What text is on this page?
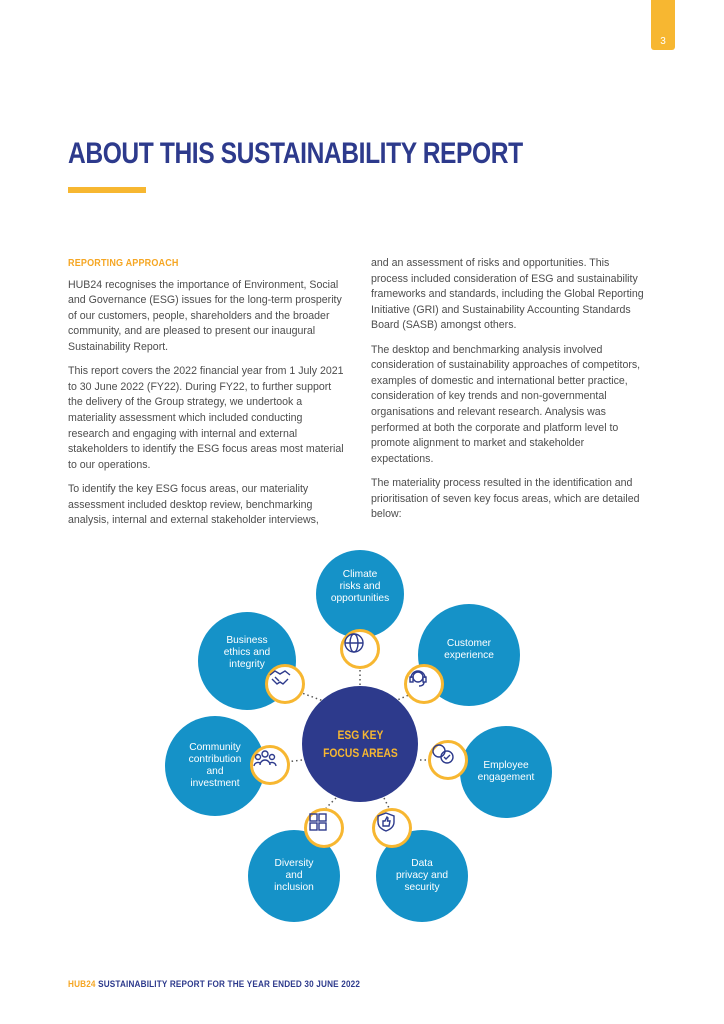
3
ABOUT THIS SUSTAINABILITY REPORT
REPORTING APPROACH

HUB24 recognises the importance of Environment, Social and Governance (ESG) issues for the long-term prosperity of our customers, people, shareholders and the broader community, and are pleased to present our inaugural Sustainability Report.

This report covers the 2022 financial year from 1 July 2021 to 30 June 2022 (FY22). During FY22, to further support the delivery of the Group strategy, we undertook a materiality assessment which included conducting research and engaging with internal and external stakeholders to identify the ESG focus areas most material to our operations.

To identify the key ESG focus areas, our materiality assessment included desktop review, benchmarking analysis, internal and external stakeholder interviews,

and an assessment of risks and opportunities. This process included consideration of ESG and sustainability frameworks and standards, including the Global Reporting Initiative (GRI) and Sustainability Accounting Standards Board (SASB) amongst others.

The desktop and benchmarking analysis involved consideration of sustainability approaches of competitors, examples of domestic and international better practice, consideration of key trends and non-governmental organisations and relevant research. Analysis was performed at both the corporate and platform level to promote alignment to market and stakeholder expectations.

The materiality process resulted in the identification and prioritisation of seven key focus areas, which are detailed below:

Climate
risks and
opportunities
Customer
experience
Business
ethics and
integrity
Community
contribution
and
investment
Employee
engagement
Diversity
and
inclusion
Data
privacy and
security
ESG KEY
FOCUS AREAS
HUB24 SUSTAINABILITY REPORT FOR THE YEAR ENDED 30 JUNE 2022
